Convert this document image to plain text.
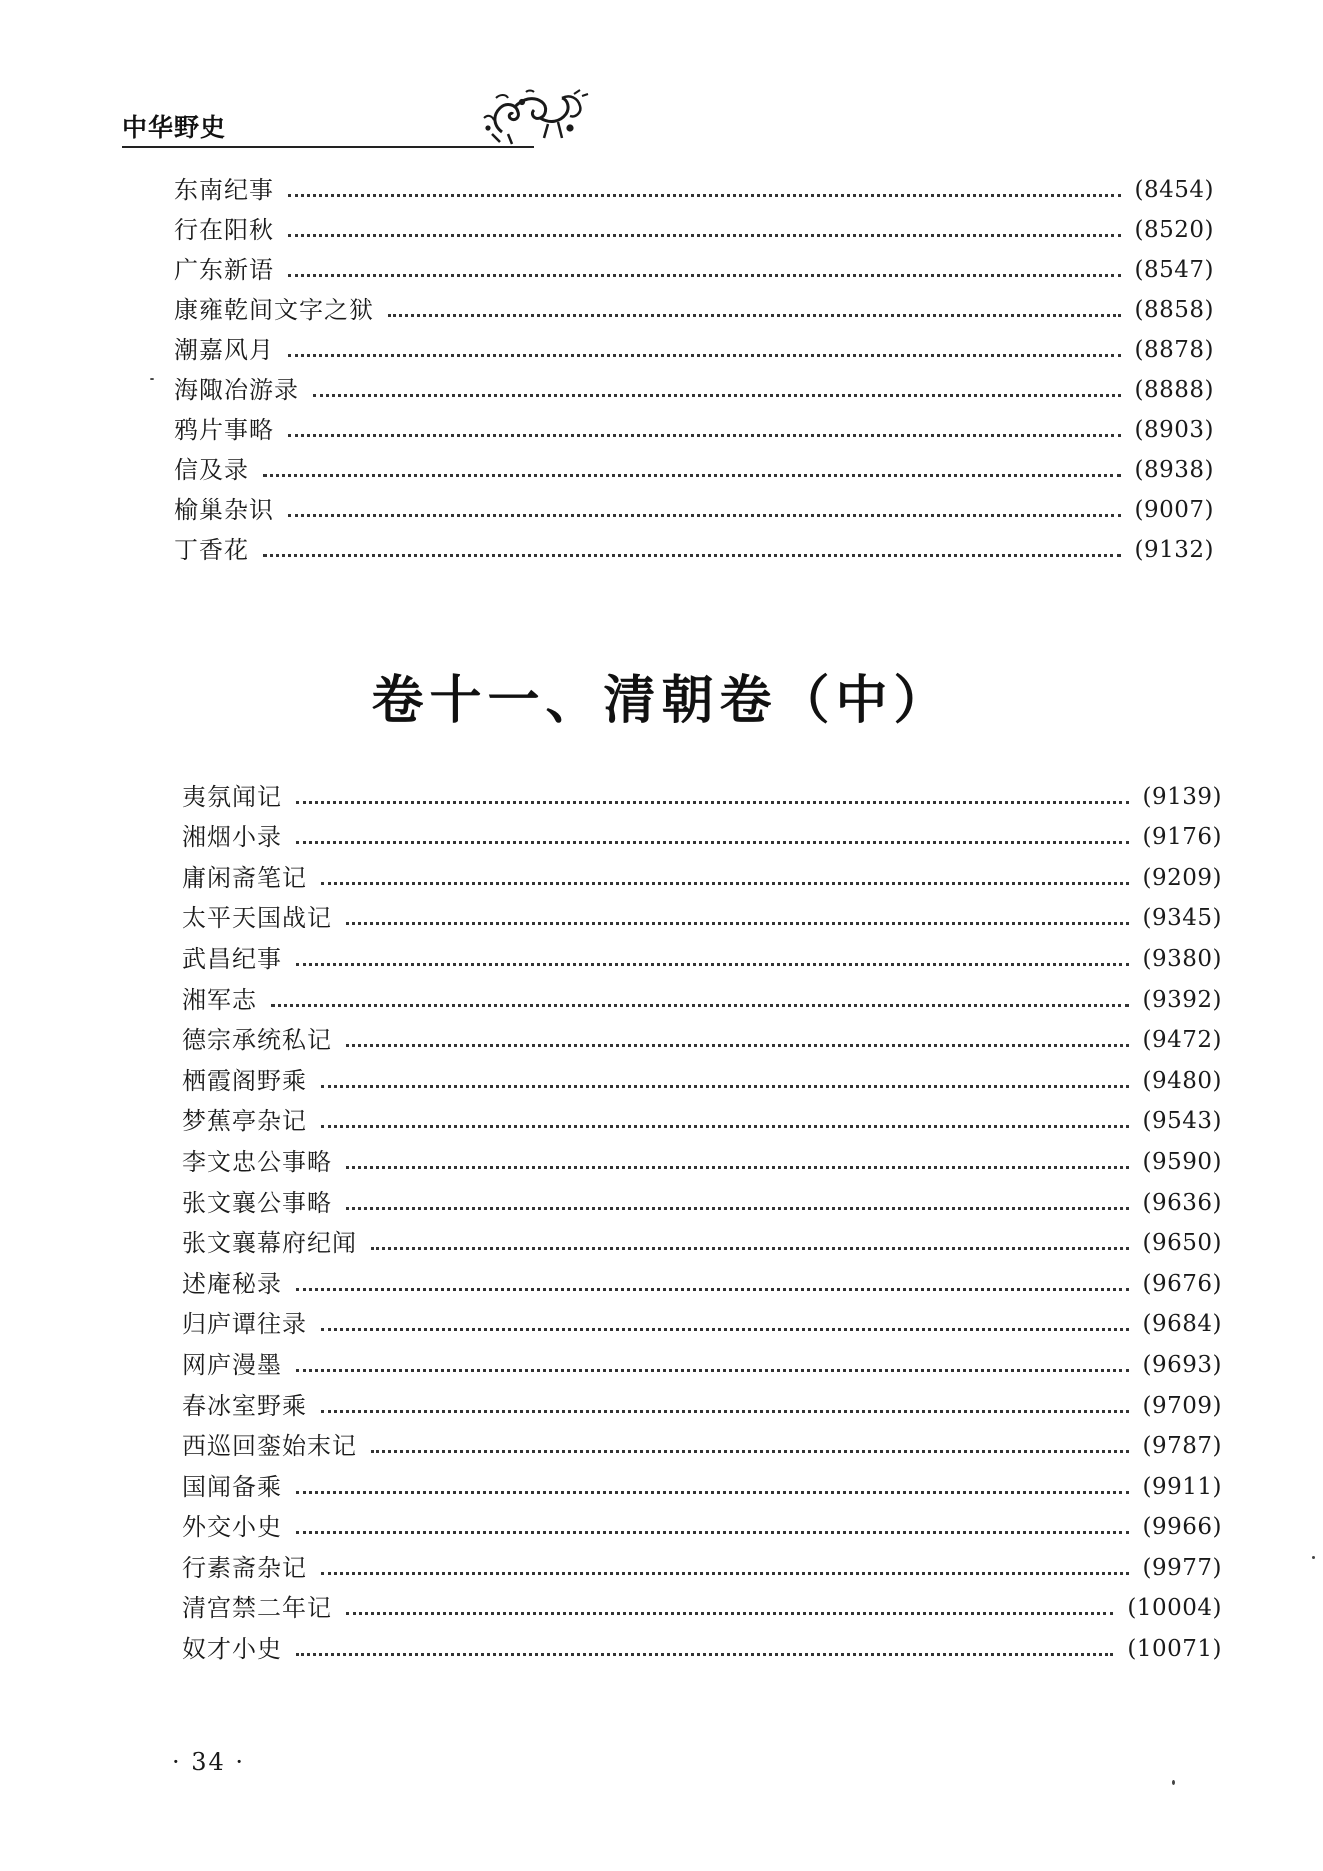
中华野史
东南纪事	(8454)
行在阳秋	(8520)
广东新语	(8547)
康雍乾间文字之狱	(8858)
潮嘉风月	(8878)
海陬冶游录	(8888)
鸦片事略	(8903)
信及录	(8938)
榆巢杂识	(9007)
丁香花	(9132)
卷十一、清朝卷（中）
夷氛闻记	(9139)
湘烟小录	(9176)
庸闲斋笔记	(9209)
太平天国战记	(9345)
武昌纪事	(9380)
湘军志	(9392)
德宗承统私记	(9472)
栖霞阁野乘	(9480)
梦蕉亭杂记	(9543)
李文忠公事略	(9590)
张文襄公事略	(9636)
张文襄幕府纪闻	(9650)
述庵秘录	(9676)
归庐谭往录	(9684)
网庐漫墨	(9693)
春冰室野乘	(9709)
西巡回銮始末记	(9787)
国闻备乘	(9911)
外交小史	(9966)
行素斋杂记	(9977)
清宫禁二年记	(10004)
奴才小史	(10071)
· 34 ·
